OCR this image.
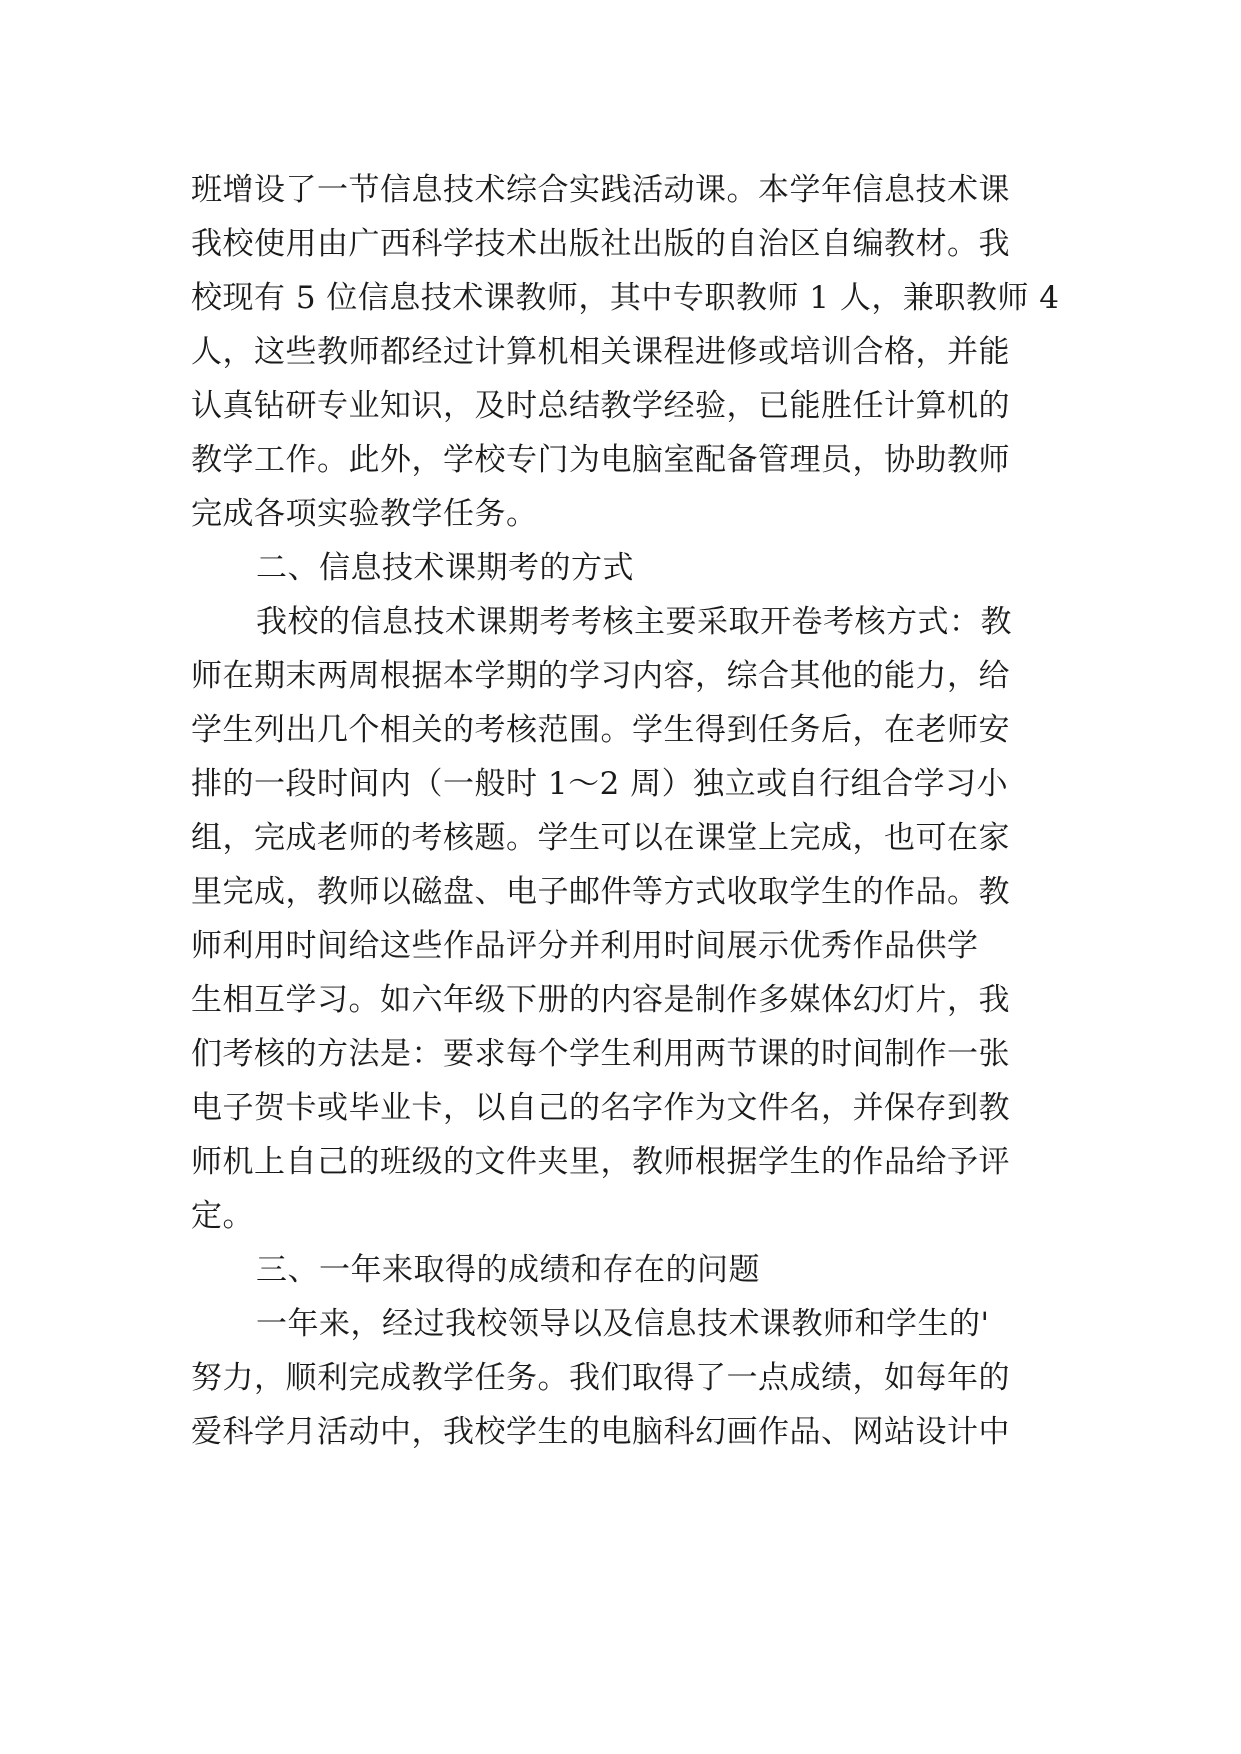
班增设了一节信息技术综合实践活动课。本学年信息技术课
我校使用由广西科学技术出版社出版的自治区自编教材。我
校现有 5 位信息技术课教师，其中专职教师 1 人，兼职教师 4
人，这些教师都经过计算机相关课程进修或培训合格，并能
认真钻研专业知识，及时总结教学经验，已能胜任计算机的
教学工作。此外，学校专门为电脑室配备管理员，协助教师
完成各项实验教学任务。
二、信息技术课期考的方式
我校的信息技术课期考考核主要采取开卷考核方式：教
师在期末两周根据本学期的学习内容，综合其他的能力，给
学生列出几个相关的考核范围。学生得到任务后，在老师安
排的一段时间内（一般时 1～2 周）独立或自行组合学习小
组，完成老师的考核题。学生可以在课堂上完成，也可在家
里完成，教师以磁盘、电子邮件等方式收取学生的作品。教
师利用时间给这些作品评分并利用时间展示优秀作品供学
生相互学习。如六年级下册的内容是制作多媒体幻灯片，我
们考核的方法是：要求每个学生利用两节课的时间制作一张
电子贺卡或毕业卡，以自己的名字作为文件名，并保存到教
师机上自己的班级的文件夹里，教师根据学生的作品给予评
定。
三、一年来取得的成绩和存在的问题
一年来，经过我校领导以及信息技术课教师和学生的'
努力，顺利完成教学任务。我们取得了一点成绩，如每年的
爱科学月活动中，我校学生的电脑科幻画作品、网站设计中
